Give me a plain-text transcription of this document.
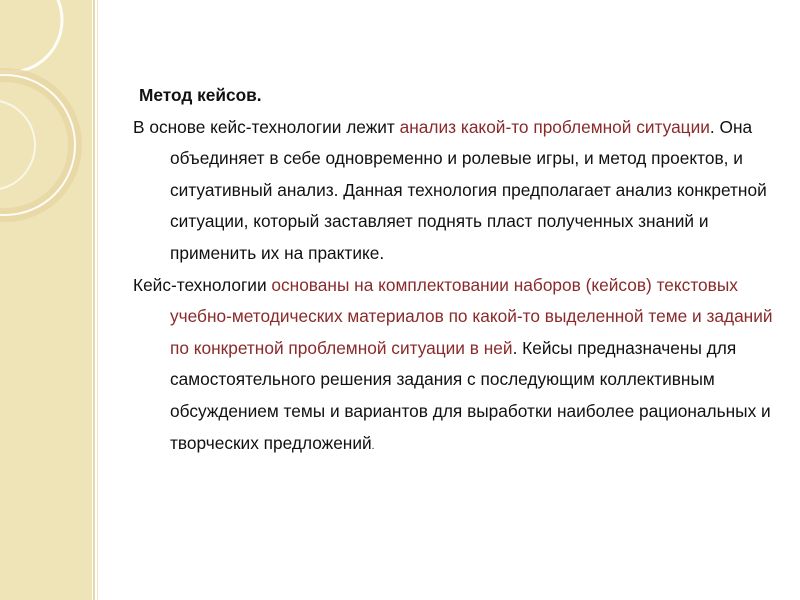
Метод кейсов.
В основе кейс-технологии лежит анализ какой-то проблемной ситуации. Она объединяет в себе одновременно и ролевые игры, и метод проектов, и ситуативный анализ. Данная технология предполагает анализ конкретной ситуации, который заставляет поднять пласт полученных знаний и применить их на практике.
Кейс-технологии основаны на комплектовании наборов (кейсов) текстовых учебно-методических материалов по какой-то выделенной теме и заданий по конкретной проблемной ситуации в ней. Кейсы предназначены для самостоятельного решения задания с последующим коллективным обсуждением темы и вариантов для выработки наиболее рациональных и творческих предложений.
